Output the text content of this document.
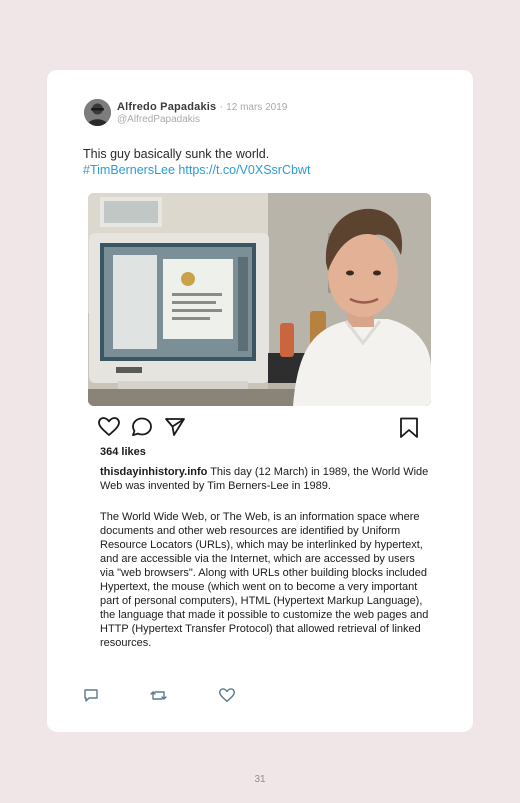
Alfredo Papadakis · 12 mars 2019
@AlfredPapadakis
This guy basically sunk the world.
#TimBernersLee https://t.co/V0XSsrCbwt
364 likes
thisdayinhistory.info This day (12 March) in 1989, the World Wide Web was invented by Tim Berners-Lee in 1989.
The World Wide Web, or The Web, is an information space where documents and other web resources are identified by Uniform Resource Locators (URLs), which may be interlinked by hypertext, and are accessible via the Internet, which are accessed by users via "web browsers". Along with URLs other building blocks included Hypertext, the mouse (which went on to become a very important part of personal computers), HTML (Hypertext Markup Language), the language that made it possible to customize the web pages and HTTP (Hypertext Transfer Protocol) that allowed retrieval of linked resources.
31
